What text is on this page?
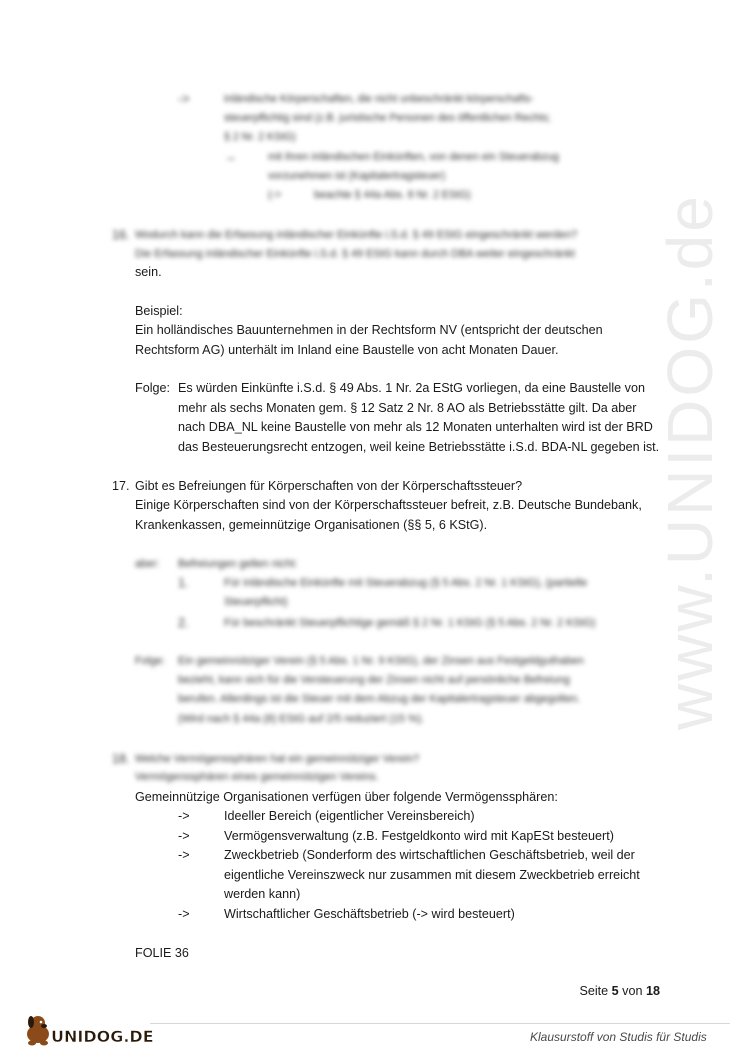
www.UNIDOG.de
->	inländische Körperschaften, die nicht unbeschränkt körperschafts-
steuerpflichtig sind (z.B. juristische Personen des öffentlichen Rechts;
§ 2 Nr. 2 KStG)
→	mit ihren inländischen Einkünften, von denen ein Steuerabzug
vorzunehmen ist (Kapitalertragsteuer)
(->	beachte § 44a Abs. 8 Nr. 2 EStG)
16. Wodurch kann die Erfassung inländischer Einkünfte i.S.d. § 49 EStG eingeschränkt werden?
Die Erfassung inländischer Einkünfte i.S.d. § 49 EStG kann durch DBA weiter eingeschränkt
sein.
Beispiel:
Ein holländisches Bauunternehmen in der Rechtsform NV (entspricht der deutschen
Rechtsform AG) unterhält im Inland eine Baustelle von acht Monaten Dauer.
Folge: Es würden Einkünfte i.S.d. § 49 Abs. 1 Nr. 2a EStG vorliegen, da eine Baustelle von
mehr als sechs Monaten gem. § 12 Satz 2 Nr. 8 AO als Betriebsstätte gilt. Da aber
nach DBA_NL keine Baustelle von mehr als 12 Monaten unterhalten wird ist der BRD
das Besteuerungsrecht entzogen, weil keine Betriebsstätte i.S.d. BDA-NL gegeben ist.
17. Gibt es Befreiungen für Körperschaften von der Körperschaftssteuer?
Einige Körperschaften sind von der Körperschaftssteuer befreit, z.B. Deutsche Bundebank,
Krankenkassen, gemeinnützige Organisationen (§§ 5, 6 KStG).
aber: Befreiungen gelten nicht:
1.	Für inländische Einkünfte mit Steuerabzug (§ 5 Abs. 2 Nr. 1 KStG), (partielle
Steuerpflicht)
2.	Für beschränkt Steuerpflichtige gemäß § 2 Nr. 1 KStG (§ 5 Abs. 2 Nr. 2 KStG)
Folge: Ein gemeinnütziger Verein (§ 5 Abs. 1 Nr. 9 KStG), der Zinsen aus Festgeldguthaben
bezieht, kann sich für die Versteuerung der Zinsen nicht auf persönliche Befreiung
berufen. Allerdings ist die Steuer mit dem Abzug der Kapitalertragsteuer abgegolten.
(Wird nach § 44a (8) EStG auf 2/5 reduziert (15 %).
18. Welche Vermögenssphären hat ein gemeinnütziger Verein?
Vermögenssphären eines gemeinnützigen Vereins.
Gemeinnützige Organisationen verfügen über folgende Vermögenssphären:
->	Ideeller Bereich (eigentlicher Vereinsbereich)
->	Vermögensverwaltung (z.B. Festgeldkonto wird mit KapESt besteuert)
->	Zweckbetrieb (Sonderform des wirtschaftlichen Geschäftsbetrieb, weil der
eigentliche Vereinszweck nur zusammen mit diesem Zweckbetrieb erreicht
werden kann)
->	Wirtschaftlicher Geschäftsbetrieb (-> wird besteuert)
FOLIE 36
Seite 5 von 18
UNIDOG.DE	Klausurstoff von Studis für Studis
